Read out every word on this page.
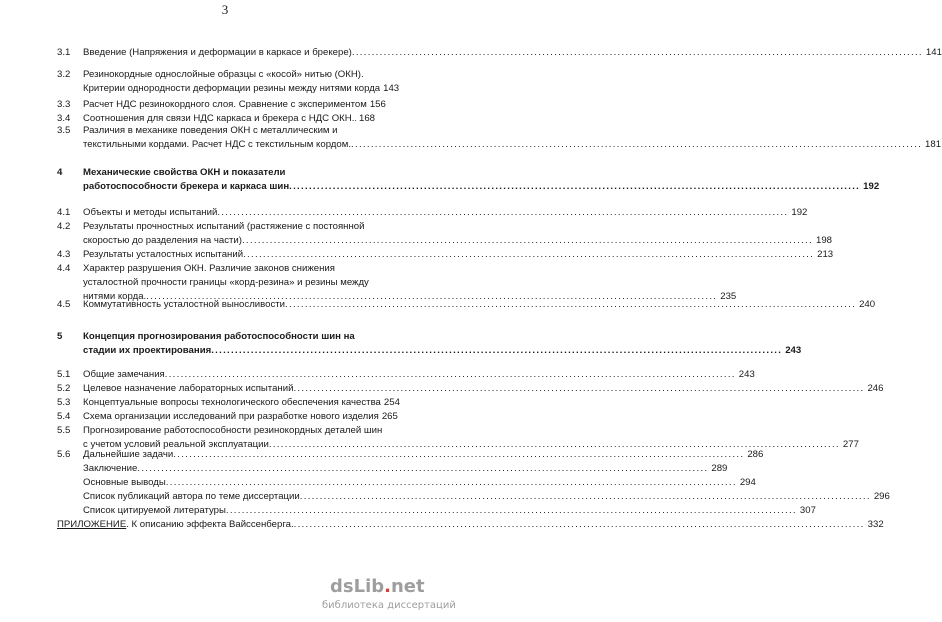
3
3.1 Введение (Напряжения и деформации в каркасе и брекере) .....	141
3.2 Резинокордные однослойные образцы с «косой» нитью (ОКН).
Критерии однородности деформации резины между нитями корда 143
3.3 Расчет НДС резинокордного слоя. Сравнение с экспериментом 156
3.4 Соотношения для связи НДС каркаса и брекера с НДС ОКН. ..... 168
3.5 Различия в механике поведения ОКН с металлическим и
текстильными кордами. Расчет НДС с текстильным кордом. .....	181
4 Механические свойства ОКН и показатели
работоспособности брекера и каркаса шин .....	192
4.1 Объекты и методы испытаний .....	192
4.2 Результаты прочностных испытаний (растяжение с постоянной
скоростью до разделения на части) .....	198
4.3 Результаты усталостных испытаний .....	213
4.4 Характер разрушения ОКН. Различие законов снижения
усталостной прочности границы «корд-резина» и резины между
нитями корда. .....	235
4.5 Коммутативность усталостной выносливости .....	240
5 Концепция прогнозирования работоспособности шин на
стадии их проектирования .....	243
5.1 Общие замечания .....	243
5.2 Целевое назначение лабораторных испытаний .....	246
5.3 Концептуальные вопросы технологического обеспечения качества 254
5.4 Схема организации исследований при разработке нового изделия 265
5.5 Прогнозирование работоспособности резинокордных деталей шин
с учетом условий реальной эксплуатации .....	277
5.6 Дальнейшие задачи .....	286
Заключение .....	289
Основные выводы .....	294
Список публикаций автора по теме диссертации .....	296
Список цитируемой литературы .....	307
ПРИЛОЖЕНИЕ. К описанию эффекта Вайссенберга. .....	332
dsLib.net
библиотека диссертаций
